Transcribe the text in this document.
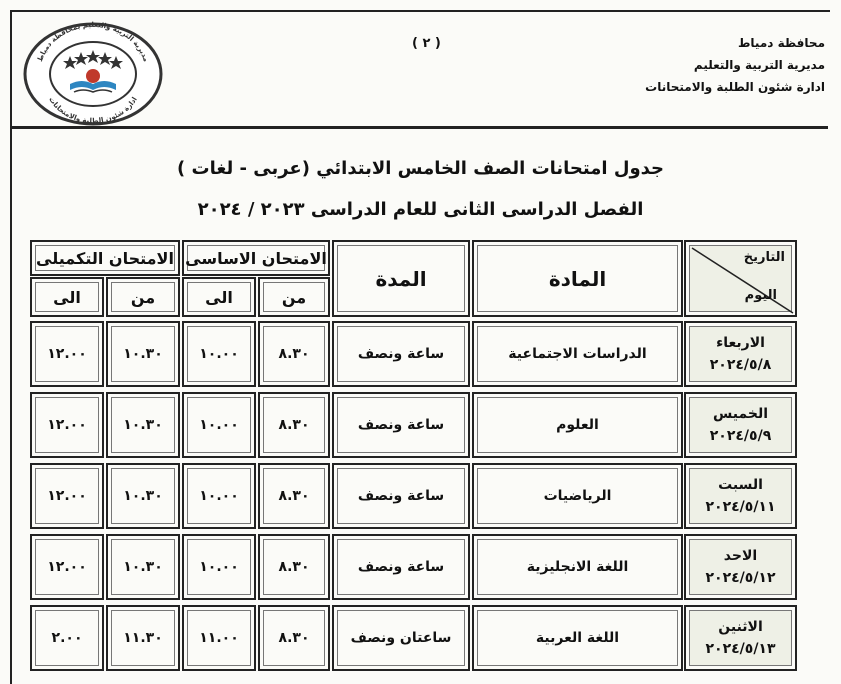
محافظة دمياط
مديرية التربية والتعليم
ادارة شئون الطلبة والامتحانات
( ٢ )
مديرية التربية والتعليم بمحافظة دمياط
ادارة شئون الطلبة والامتحانات
جدول امتحانات الصف الخامس الابتدائي (عربى - لغات )
الفصل الدراسى الثانى للعام الدراسى ٢٠٢٣ / ٢٠٢٤
التاريخ
اليوم
المادة
المدة
الامتحان الاساسى
الامتحان التكميلى
من
الى
من
الى
الاربعاء
٢٠٢٤/٥/٨
الدراسات الاجتماعية
ساعة ونصف
٨.٣٠
١٠.٠٠
١٠.٣٠
١٢.٠٠
الخميس
٢٠٢٤/٥/٩
العلوم
ساعة ونصف
٨.٣٠
١٠.٠٠
١٠.٣٠
١٢.٠٠
السبت
٢٠٢٤/٥/١١
الرياضيات
ساعة ونصف
٨.٣٠
١٠.٠٠
١٠.٣٠
١٢.٠٠
الاحد
٢٠٢٤/٥/١٢
اللغة الانجليزية
ساعة ونصف
٨.٣٠
١٠.٠٠
١٠.٣٠
١٢.٠٠
الاثنين
٢٠٢٤/٥/١٣
اللغة العربية
ساعتان ونصف
٨.٣٠
١١.٠٠
١١.٣٠
٢.٠٠
